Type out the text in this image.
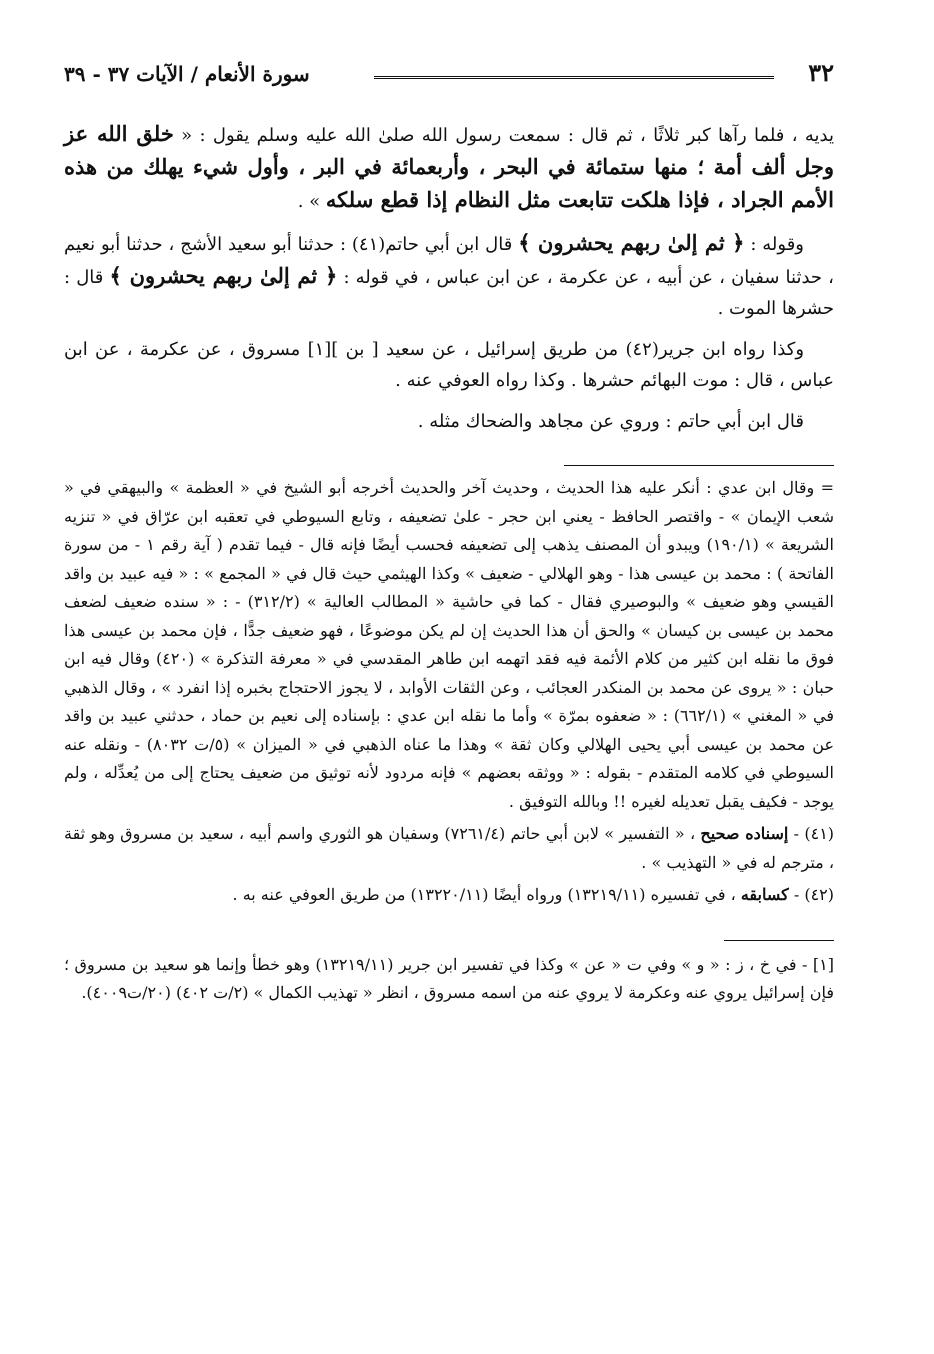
٣٢
سورة الأنعام / الآيات ٣٧ - ٣٩

يديه ، فلما رآها كبر ثلاثًا ، ثم قال : سمعت رسول الله صلىٰ الله عليه وسلم يقول : « خلق الله عز وجل ألف أمة ؛ منها ستمائة في البحر ، وأربعمائة في البر ، وأول شيء يهلك من هذه الأمم الجراد ، فإذا هلكت تتابعت مثل النظام إذا قطع سلكه » .

وقوله : ﴿ ثم إلىٰ ربهم يحشرون ﴾ قال ابن أبي حاتم(٤١) : حدثنا أبو سعيد الأشج ، حدثنا أبو نعيم ، حدثنا سفيان ، عن أبيه ، عن عكرمة ، عن ابن عباس ، في قوله : ﴿ ثم إلىٰ ربهم يحشرون ﴾ قال : حشرها الموت .

وكذا رواه ابن جرير(٤٢) من طريق إسرائيل ، عن سعيد [ بن ][١] مسروق ، عن عكرمة ، عن ابن عباس ، قال : موت البهائم حشرها . وكذا رواه العوفي عنه .

قال ابن أبي حاتم : وروي عن مجاهد والضحاك مثله .

= وقال ابن عدي : أنكر عليه هذا الحديث ، وحديث آخر والحديث أخرجه أبو الشيخ في « العظمة » والبيهقي في « شعب الإيمان » - واقتصر الحافظ - يعني ابن حجر - علىٰ تضعيفه ، وتابع السيوطي في تعقبه ابن عرّاق في « تنزيه الشريعة » (١٩٠/١) ويبدو أن المصنف يذهب إلى تضعيفه فحسب أيضًا فإنه قال - فيما تقدم ( آية رقم ١ - من سورة الفاتحة ) : محمد بن عيسى هذا - وهو الهلالي - ضعيف » وكذا الهيثمي حيث قال في « المجمع » : « فيه عبيد بن واقد القيسي وهو ضعيف » والبوصيري فقال - كما في حاشية « المطالب العالية » (٣١٢/٢) - : « سنده ضعيف لضعف محمد بن عيسى بن كيسان » والحق أن هذا الحديث إن لم يكن موضوعًا ، فهو ضعيف جدًّا ، فإن محمد بن عيسى هذا فوق ما نقله ابن كثير من كلام الأئمة فيه فقد اتهمه ابن طاهر المقدسي في « معرفة التذكرة » (٤٢٠) وقال فيه ابن حبان : « يروى عن محمد بن المنكدر العجائب ، وعن الثقات الأوابد ، لا يجوز الاحتجاج بخبره إذا انفرد » ، وقال الذهبي في « المغني » (٦٦٢/١) : « ضعفوه بمرّة » وأما ما نقله ابن عدي : بإسناده إلى نعيم بن حماد ، حدثني عبيد بن واقد عن محمد بن عيسى أبي يحيى الهلالي وكان ثقة » وهذا ما عناه الذهبي في « الميزان » (٥/ت ٨٠٣٢) - ونقله عنه السيوطي في كلامه المتقدم - بقوله : « ووثقه بعضهم » فإنه مردود لأنه توثيق من ضعيف يحتاج إلى من يُعدِّله ، ولم يوجد - فكيف يقبل تعديله لغيره !! وبالله التوفيق .

(٤١) - إسناده صحيح ، « التفسير » لابن أبي حاتم (٧٢٦١/٤) وسفيان هو الثوري واسم أبيه ، سعيد بن مسروق وهو ثقة ، مترجم له في « التهذيب » .

(٤٢) - كسابقه ، في تفسيره (١٣٢١٩/١١) ورواه أيضًا (١٣٢٢٠/١١) من طريق العوفي عنه به .

[١] - في خ ، ز : « و » وفي ت « عن » وكذا في تفسير ابن جرير (١٣٢١٩/١١) وهو خطأ وإنما هو سعيد بن مسروق ؛ فإن إسرائيل يروي عنه وعكرمة لا يروي عنه من اسمه مسروق ، انظر « تهذيب الكمال » (٢/ت ٤٠٢) (٢٠/ت٤٠٠٩).
